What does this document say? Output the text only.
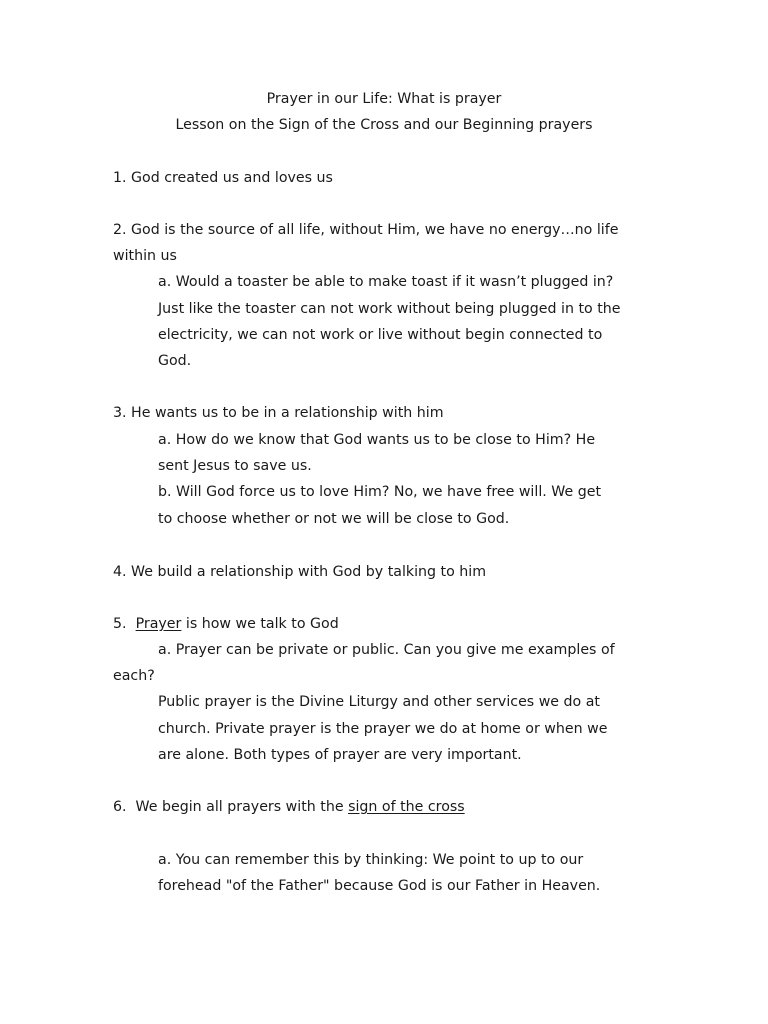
Prayer in our Life: What is prayer
Lesson on the Sign of the Cross and our Beginning prayers
1. God created us and loves us
2. God is the source of all life, without Him, we have no energy…no life
within us
a. Would a toaster be able to make toast if it wasn’t plugged in?
Just like the toaster can not work without being plugged in to the
electricity, we can not work or live without begin connected to
God.
3. He wants us to be in a relationship with him
a. How do we know that God wants us to be close to Him? He
sent Jesus to save us.
b. Will God force us to love Him? No, we have free will. We get
to choose whether or not we will be close to God.
4. We build a relationship with God by talking to him
5. Prayer is how we talk to God
a. Prayer can be private or public. Can you give me examples of
each?
Public prayer is the Divine Liturgy and other services we do at
church. Private prayer is the prayer we do at home or when we
are alone. Both types of prayer are very important.
6.  We begin all prayers with the sign of the cross
a. You can remember this by thinking: We point to up to our
forehead "of the Father" because God is our Father in Heaven.
